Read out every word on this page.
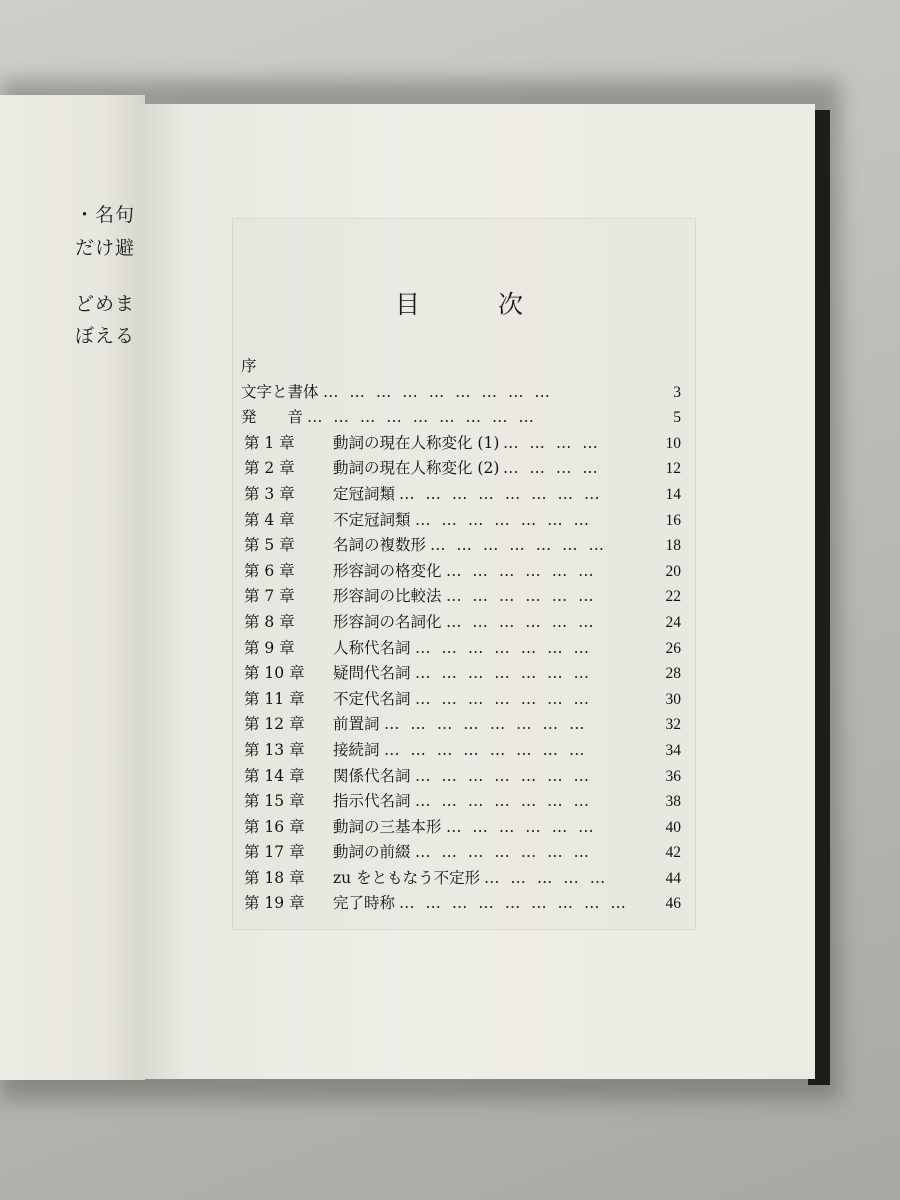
・名句
だけ避
どめま
ぼえる
目	次
序
文字と書体 … … … … … … … … …	3
発　　音 … … … … … … … … …	5
第 1 章 動詞の現在人称変化 (1) … … … …	10
第 2 章 動詞の現在人称変化 (2) … … … …	12
第 3 章 定冠詞類 … … … … … … … …	14
第 4 章 不定冠詞類 … … … … … … …	16
第 5 章 名詞の複数形 … … … … … … …	18
第 6 章 形容詞の格変化 … … … … … …	20
第 7 章 形容詞の比較法 … … … … … …	22
第 8 章 形容詞の名詞化 … … … … … …	24
第 9 章 人称代名詞 … … … … … … …	26
第 10 章 疑問代名詞 … … … … … … …	28
第 11 章 不定代名詞 … … … … … … …	30
第 12 章 前置詞 … … … … … … … …	32
第 13 章 接続詞 … … … … … … … …	34
第 14 章 関係代名詞 … … … … … … …	36
第 15 章 指示代名詞 … … … … … … …	38
第 16 章 動詞の三基本形 … … … … … …	40
第 17 章 動詞の前綴 … … … … … … …	42
第 18 章 zu をともなう不定形 … … … … …	44
第 19 章 完了時称 … … … … … … … … …	46
